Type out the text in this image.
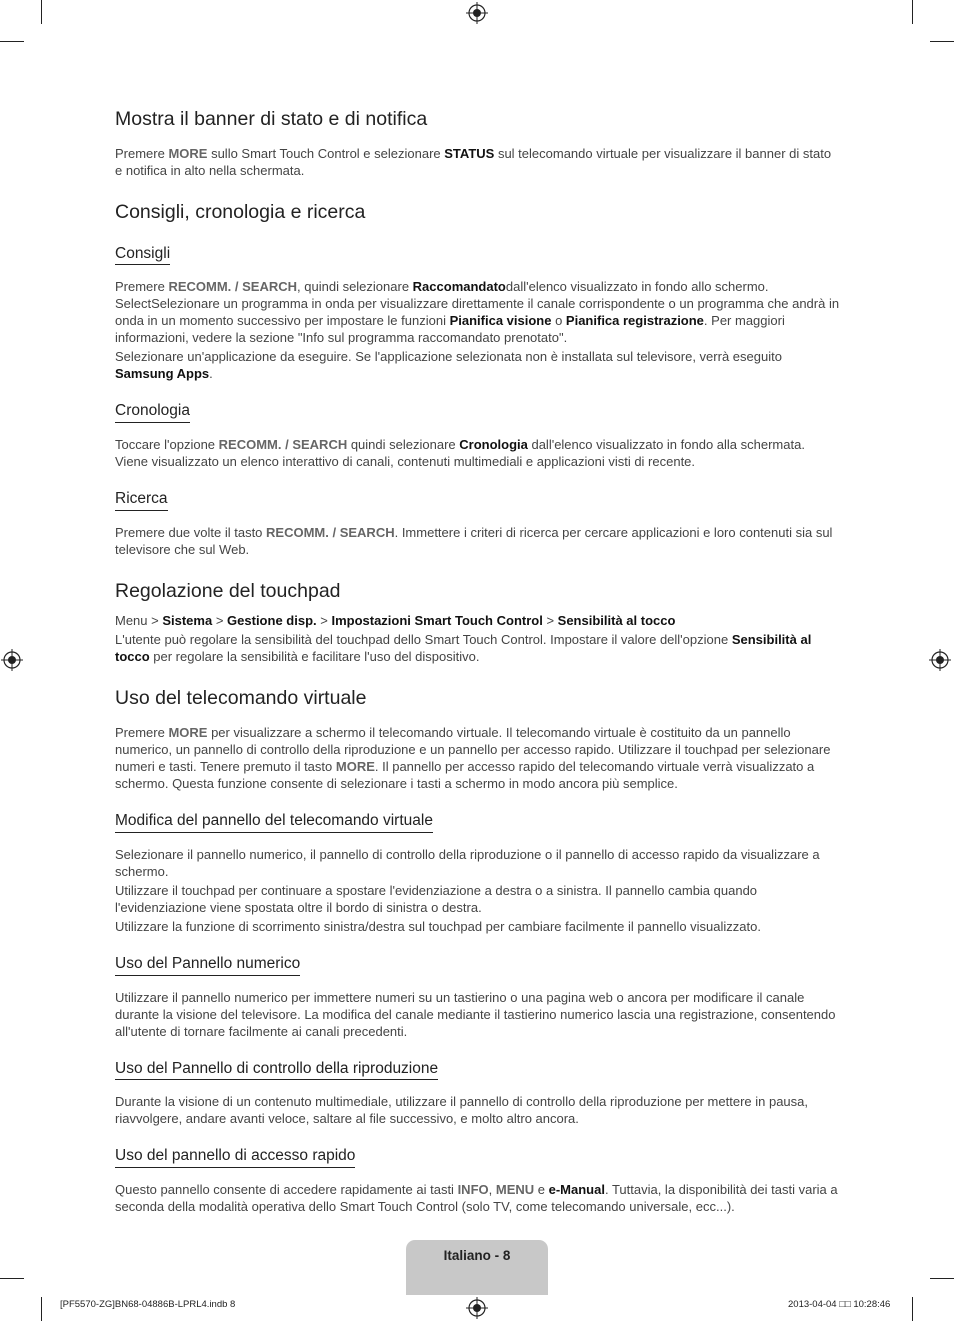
Mostra il banner di stato e di notifica

Premere MORE sullo Smart Touch Control e selezionare STATUS sul telecomando virtuale per visualizzare il banner di stato e notifica in alto nella schermata.

Consigli, cronologia e ricerca
Consigli

Premere RECOMM. / SEARCH, quindi selezionare Raccomandatodall'elenco visualizzato in fondo allo schermo. SelectSelezionare un programma in onda per visualizzare direttamente il canale corrispondente o un programma che andrà in onda in un momento successivo per impostare le funzioni Pianifica visione o Pianifica registrazione. Per maggiori informazioni, vedere la sezione "Info sul programma raccomandato prenotato".

Selezionare un'applicazione da eseguire. Se l'applicazione selezionata non è installata sul televisore, verrà eseguito Samsung Apps.

Cronologia

Toccare l'opzione RECOMM. / SEARCH quindi selezionare Cronologia dall'elenco visualizzato in fondo alla schermata. Viene visualizzato un elenco interattivo di canali, contenuti multimediali e applicazioni visti di recente.

Ricerca

Premere due volte il tasto RECOMM. / SEARCH. Immettere i criteri di ricerca per cercare applicazioni e loro contenuti sia sul televisore che sul Web.

Regolazione del touchpad

Menu > Sistema > Gestione disp. > Impostazioni Smart Touch Control > Sensibilità al tocco

L'utente può regolare la sensibilità del touchpad dello Smart Touch Control. Impostare il valore dell'opzione Sensibilità al tocco per regolare la sensibilità e facilitare l'uso del dispositivo.

Uso del telecomando virtuale

Premere MORE per visualizzare a schermo il telecomando virtuale. Il telecomando virtuale è costituito da un pannello numerico, un pannello di controllo della riproduzione e un pannello per accesso rapido. Utilizzare il touchpad per selezionare numeri e tasti. Tenere premuto il tasto MORE. Il pannello per accesso rapido del telecomando virtuale verrà visualizzato a schermo. Questa funzione consente di selezionare i tasti a schermo in modo ancora più semplice.

Modifica del pannello del telecomando virtuale

Selezionare il pannello numerico, il pannello di controllo della riproduzione o il pannello di accesso rapido da visualizzare a schermo.

Utilizzare il touchpad per continuare a spostare l'evidenziazione a destra o a sinistra. Il pannello cambia quando l'evidenziazione viene spostata oltre il bordo di sinistra o destra.

Utilizzare la funzione di scorrimento sinistra/destra sul touchpad per cambiare facilmente il pannello visualizzato.

Uso del Pannello numerico

Utilizzare il pannello numerico per immettere numeri su un tastierino o una pagina web o ancora per modificare il canale durante la visione del televisore. La modifica del canale mediante il tastierino numerico lascia una registrazione, consentendo all'utente di tornare facilmente ai canali precedenti.

Uso del Pannello di controllo della riproduzione

Durante la visione di un contenuto multimediale, utilizzare il pannello di controllo della riproduzione per mettere in pausa, riavvolgere, andare avanti veloce, saltare al file successivo, e molto altro ancora.

Uso del pannello di accesso rapido

Questo pannello consente di accedere rapidamente ai tasti INFO, MENU e e-Manual. Tuttavia, la disponibilità dei tasti varia a seconda della modalità operativa dello Smart Touch Control (solo TV, come telecomando universale, ecc...).

Italiano - 8
[PF5570-ZG]BN68-04886B-LPRL4.indb 8	2013-04-04 □□ 10:28:46
